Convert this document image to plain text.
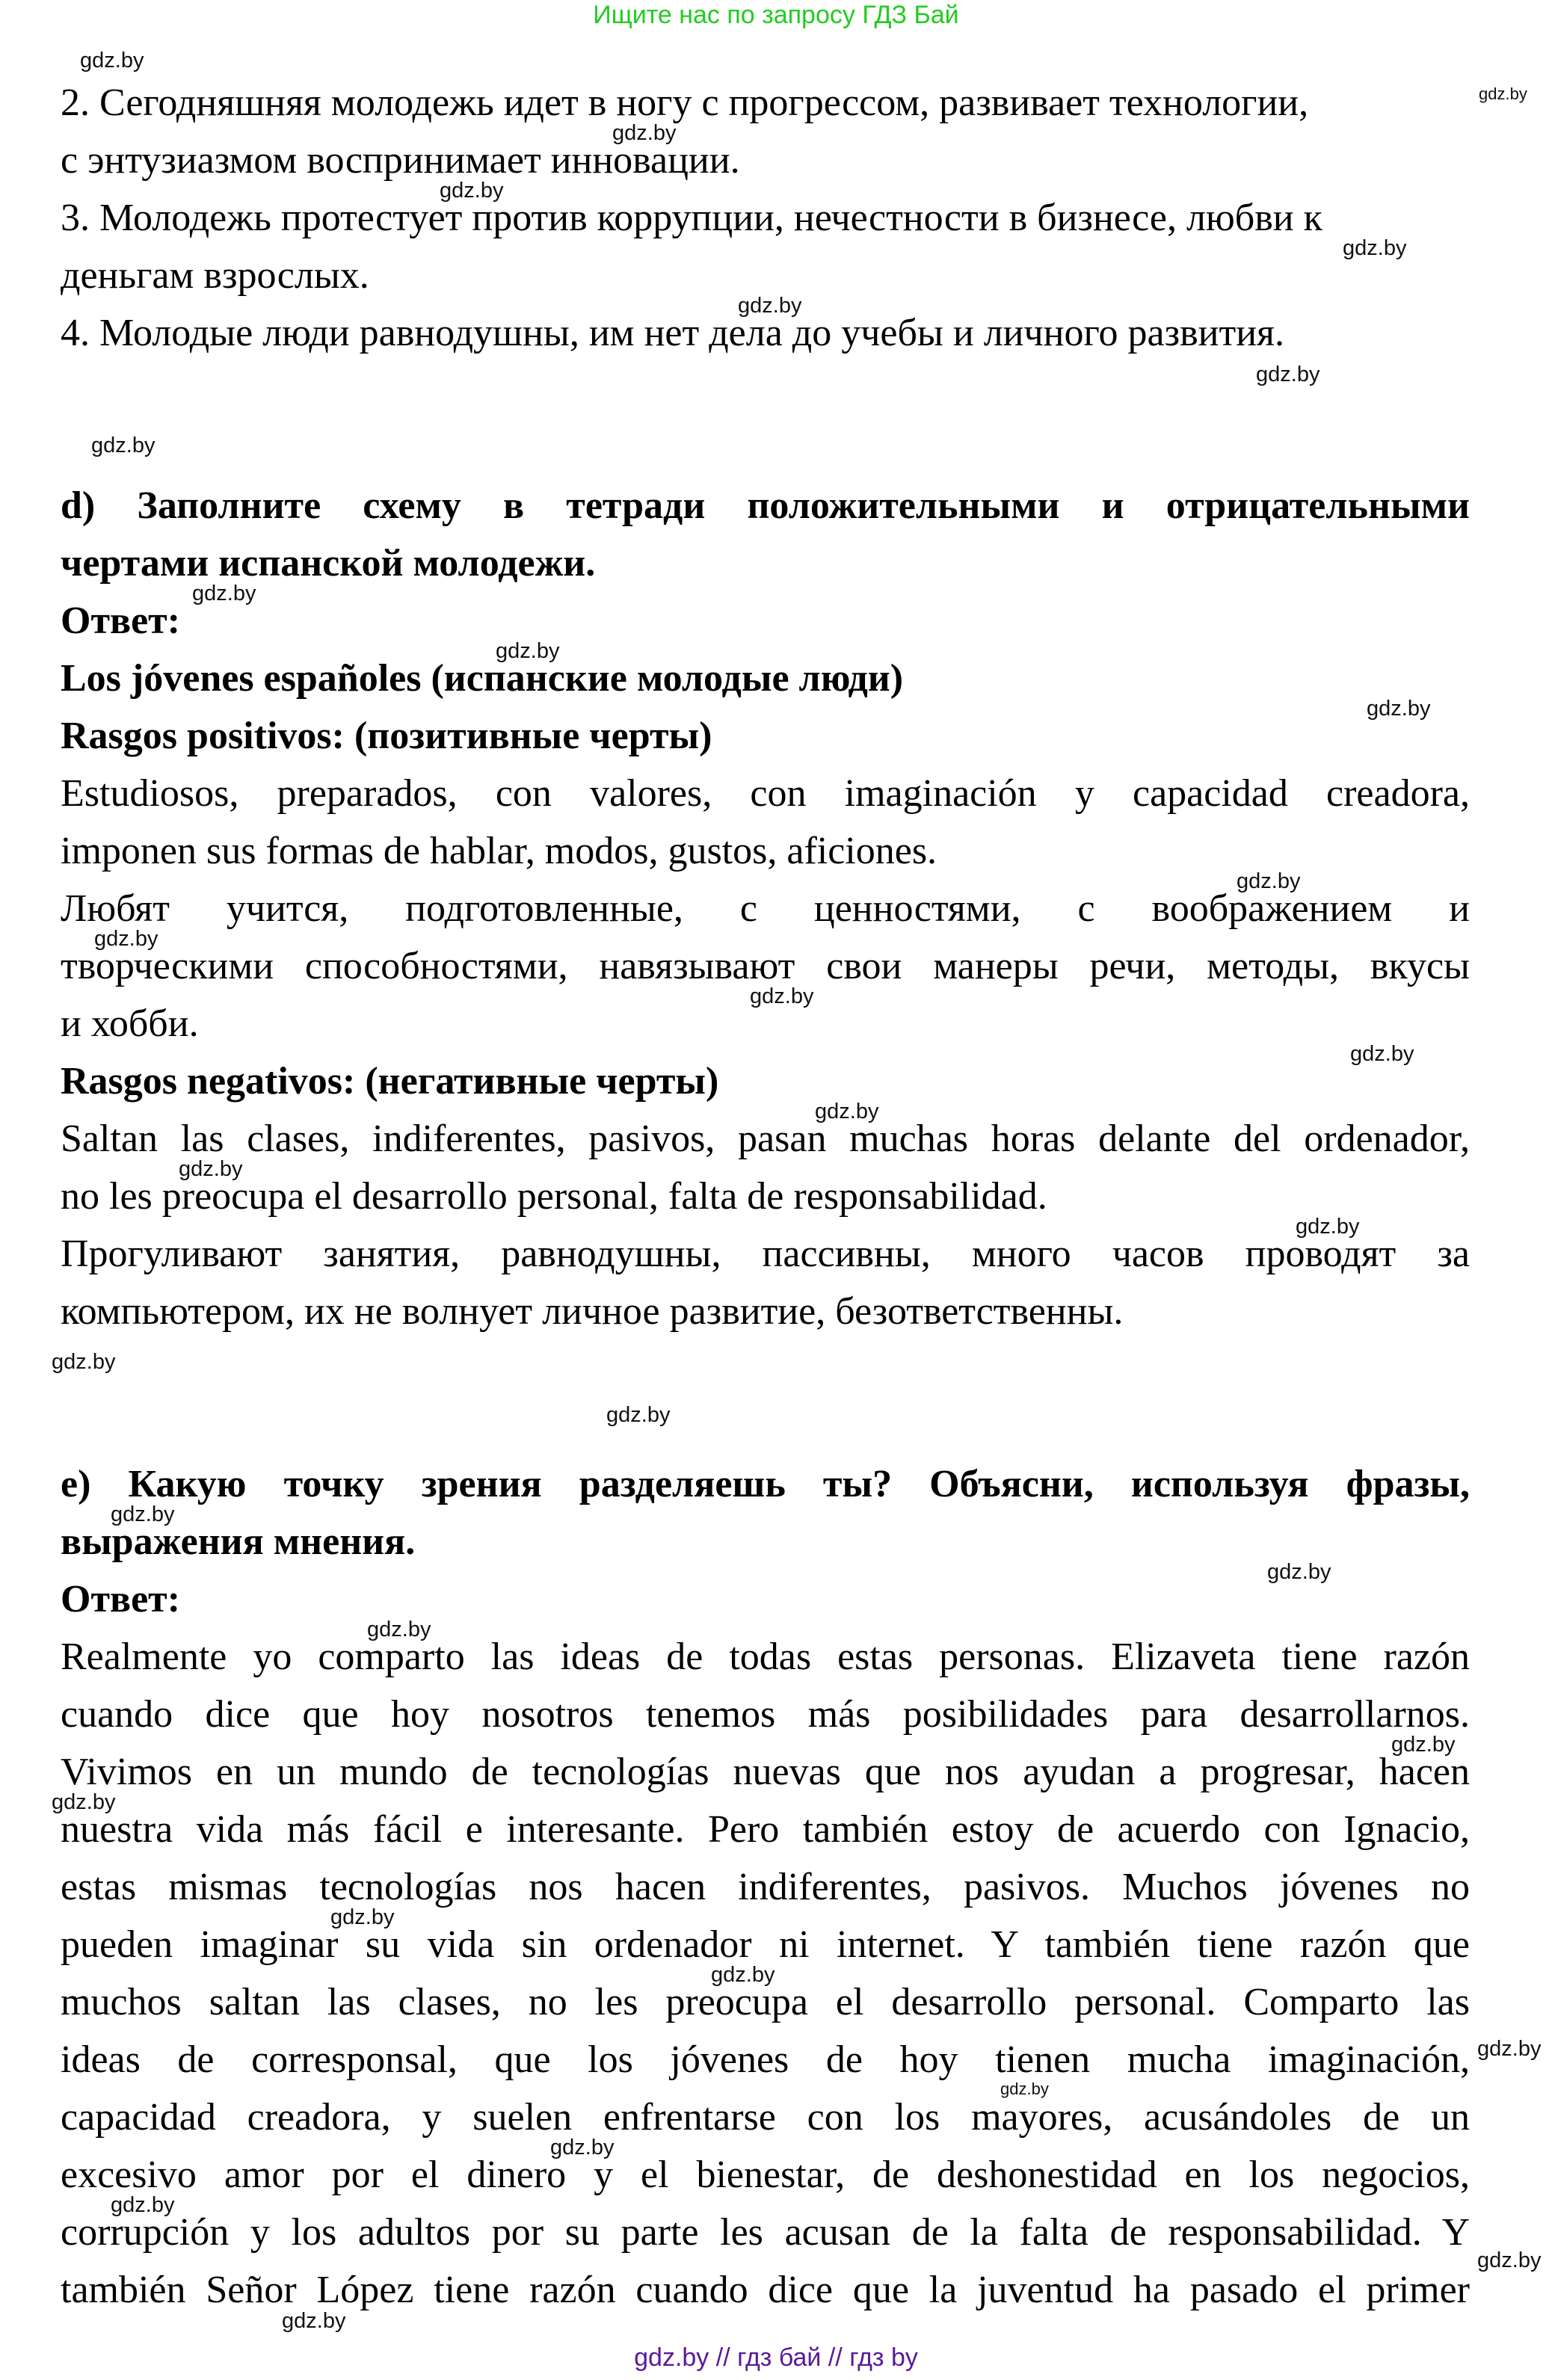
Ищите нас по запросу ГДЗ Бай
2. Сегодняшняя молодежь идет в ногу с прогрессом, развивает технологии,
с энтузиазмом воспринимает инновации.
3. Молодежь протестует против коррупции, нечестности в бизнесе, любви к
деньгам взрослых.
4. Молодые люди равнодушны, им нет дела до учебы и личного развития.
d) Заполните схему в тетради положительными и отрицательными
чертами испанской молодежи.
Ответ:
Los jóvenes españoles (испанские молодые люди)
Rasgos positivos: (позитивные черты)
Estudiosos, preparados, con valores, con imaginación y capacidad creadora,
imponen sus formas de hablar, modos, gustos, aficiones.
Любят учится, подготовленные, с ценностями, с воображением и
творческими способностями, навязывают свои манеры речи, методы, вкусы
и хобби.
Rasgos negativos: (негативные черты)
Saltan las clases, indiferentes, pasivos, pasan muchas horas delante del ordenador,
no les preocupa el desarrollo personal, falta de responsabilidad.
Прогуливают занятия, равнодушны, пассивны, много часов проводят за
компьютером, их не волнует личное развитие, безответственны.
e) Какую точку зрения разделяешь ты? Объясни, используя фразы,
выражения мнения.
Ответ:
Realmente yo comparto las ideas de todas estas personas. Elizaveta tiene razón
cuando dice que hoy nosotros tenemos más posibilidades para desarrollarnos.
Vivimos en un mundo de tecnologías nuevas que nos ayudan a progresar, hacen
nuestra vida más fácil e interesante. Pero también estoy de acuerdo con Ignacio,
estas mismas tecnologías nos hacen indiferentes, pasivos. Muchos jóvenes no
pueden imaginar su vida sin ordenador ni internet. Y también tiene razón que
muchos saltan las clases, no les preocupa el desarrollo personal. Comparto las
ideas de corresponsal, que los jóvenes de hoy tienen mucha imaginación,
capacidad creadora, y suelen enfrentarse con los mayores, acusándoles de un
excesivo amor por el dinero y el bienestar, de deshonestidad en los negocios,
corrupción y los adultos por su parte les acusan de la falta de responsabilidad. Y
también Señor López tiene razón cuando dice que la juventud ha pasado el primer
gdz.by
gdz.by
gdz.by
gdz.by
gdz.by
gdz.by
gdz.by
gdz.by
gdz.by
gdz.by
gdz.by
gdz.by
gdz.by
gdz.by
gdz.by
gdz.by
gdz.by
gdz.by
gdz.by
gdz.by
gdz.by
gdz.by
gdz.by
gdz.by
gdz.by
gdz.by
gdz.by
gdz.by
gdz.by
gdz.by
gdz.by
gdz.by
gdz.by
gdz.by // гдз бай // гдз by
